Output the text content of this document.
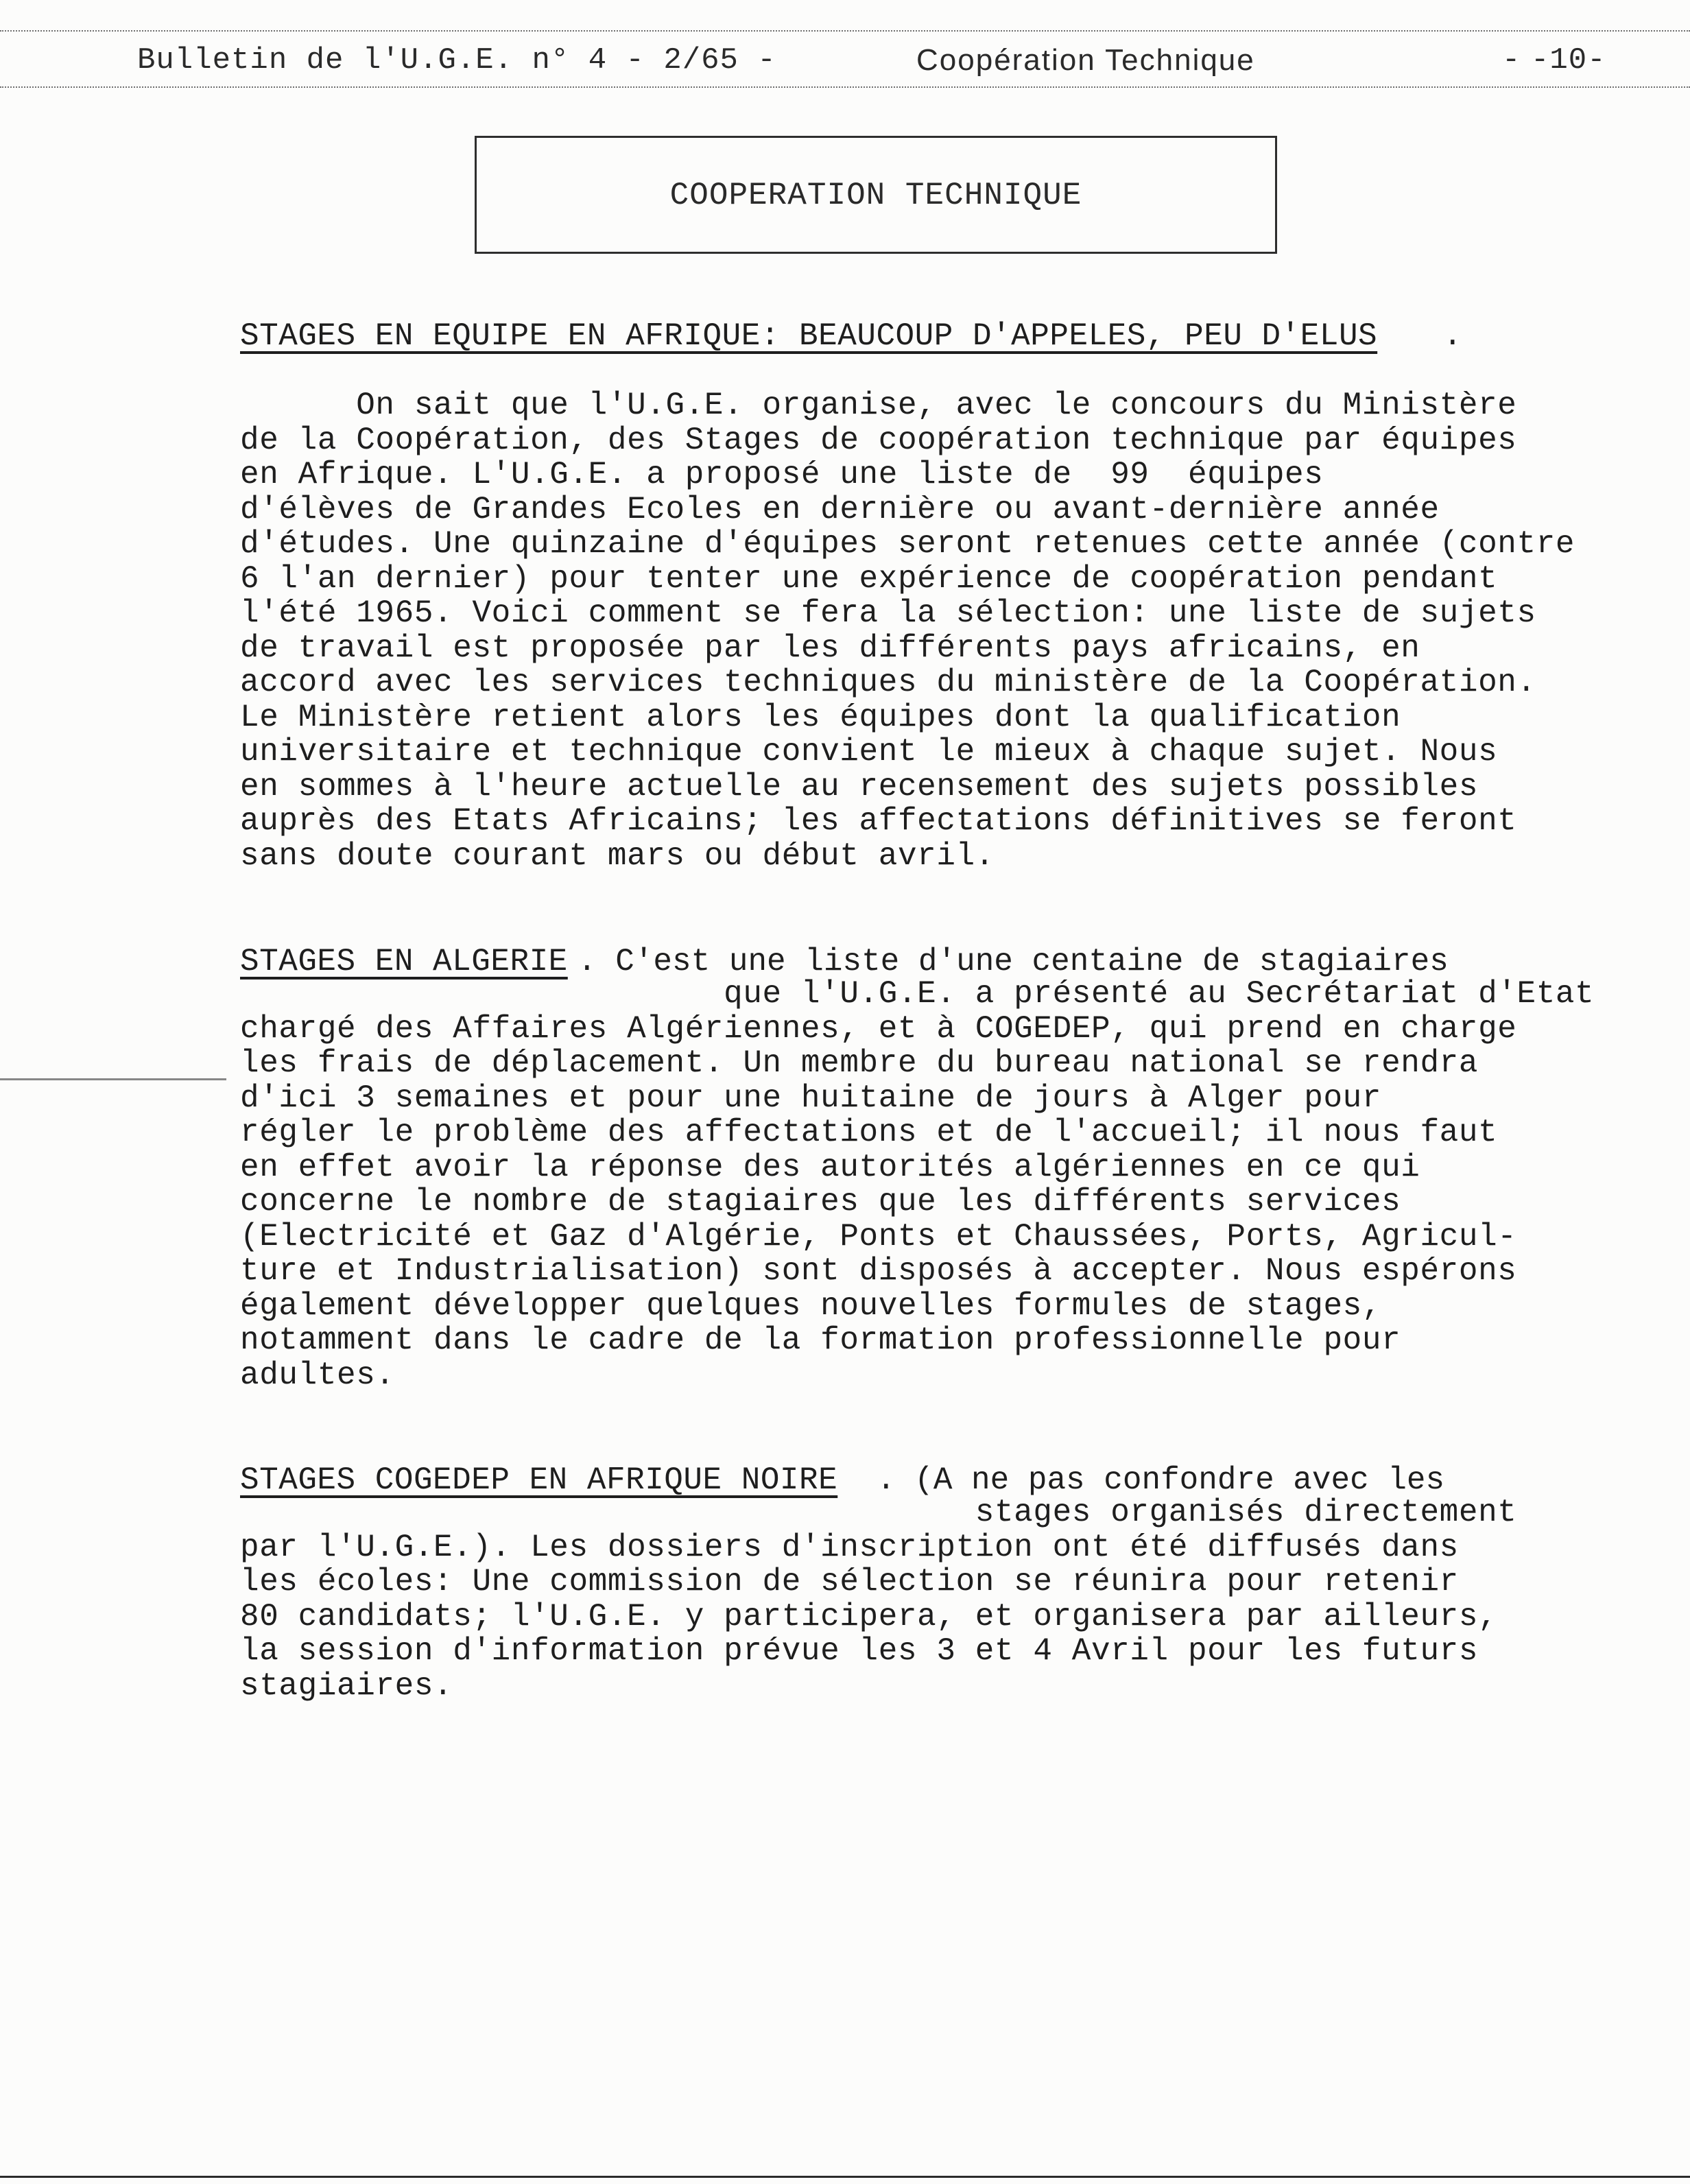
Bulletin de l'U.G.E. n° 4 - 2/65 -	Coopération Technique	- -10-
COOPERATION TECHNIQUE
STAGES EN EQUIPE EN AFRIQUE: BEAUCOUP D'APPELES, PEU D'ELUS .
On sait que l'U.G.E. organise, avec le concours du Ministère
de la Coopération, des Stages de coopération technique par équipes
en Afrique. L'U.G.E. a proposé une liste de  99  équipes
d'élèves de Grandes Ecoles en dernière ou avant-dernière année
d'études. Une quinzaine d'équipes seront retenues cette année (contre
6 l'an dernier) pour tenter une expérience de coopération pendant
l'été 1965. Voici comment se fera la sélection: une liste de sujets
de travail est proposée par les différents pays africains, en
accord avec les services techniques du ministère de la Coopération.
Le Ministère retient alors les équipes dont la qualification
universitaire et technique convient le mieux à chaque sujet. Nous
en sommes à l'heure actuelle au recensement des sujets possibles
auprès des Etats Africains; les affectations définitives se feront
sans doute courant mars ou début avril.
STAGES EN ALGERIE . C'est une liste d'une centaine de stagiaires
que l'U.G.E. a présenté au Secrétariat d'Etat
chargé des Affaires Algériennes, et à COGEDEP, qui prend en charge
les frais de déplacement. Un membre du bureau national se rendra
d'ici 3 semaines et pour une huitaine de jours à Alger pour
régler le problème des affectations et de l'accueil; il nous faut
en effet avoir la réponse des autorités algériennes en ce qui
concerne le nombre de stagiaires que les différents services
(Electricité et Gaz d'Algérie, Ponts et Chaussées, Ports, Agricul-
ture et Industrialisation) sont disposés à accepter. Nous espérons
également développer quelques nouvelles formules de stages,
notamment dans le cadre de la formation professionnelle pour
adultes.
STAGES COGEDEP EN AFRIQUE NOIRE . (A ne pas confondre avec les
stages organisés directement
par l'U.G.E.). Les dossiers d'inscription ont été diffusés dans
les écoles: Une commission de sélection se réunira pour retenir
80 candidats; l'U.G.E. y participera, et organisera par ailleurs,
la session d'information prévue les 3 et 4 Avril pour les futurs
stagiaires.
